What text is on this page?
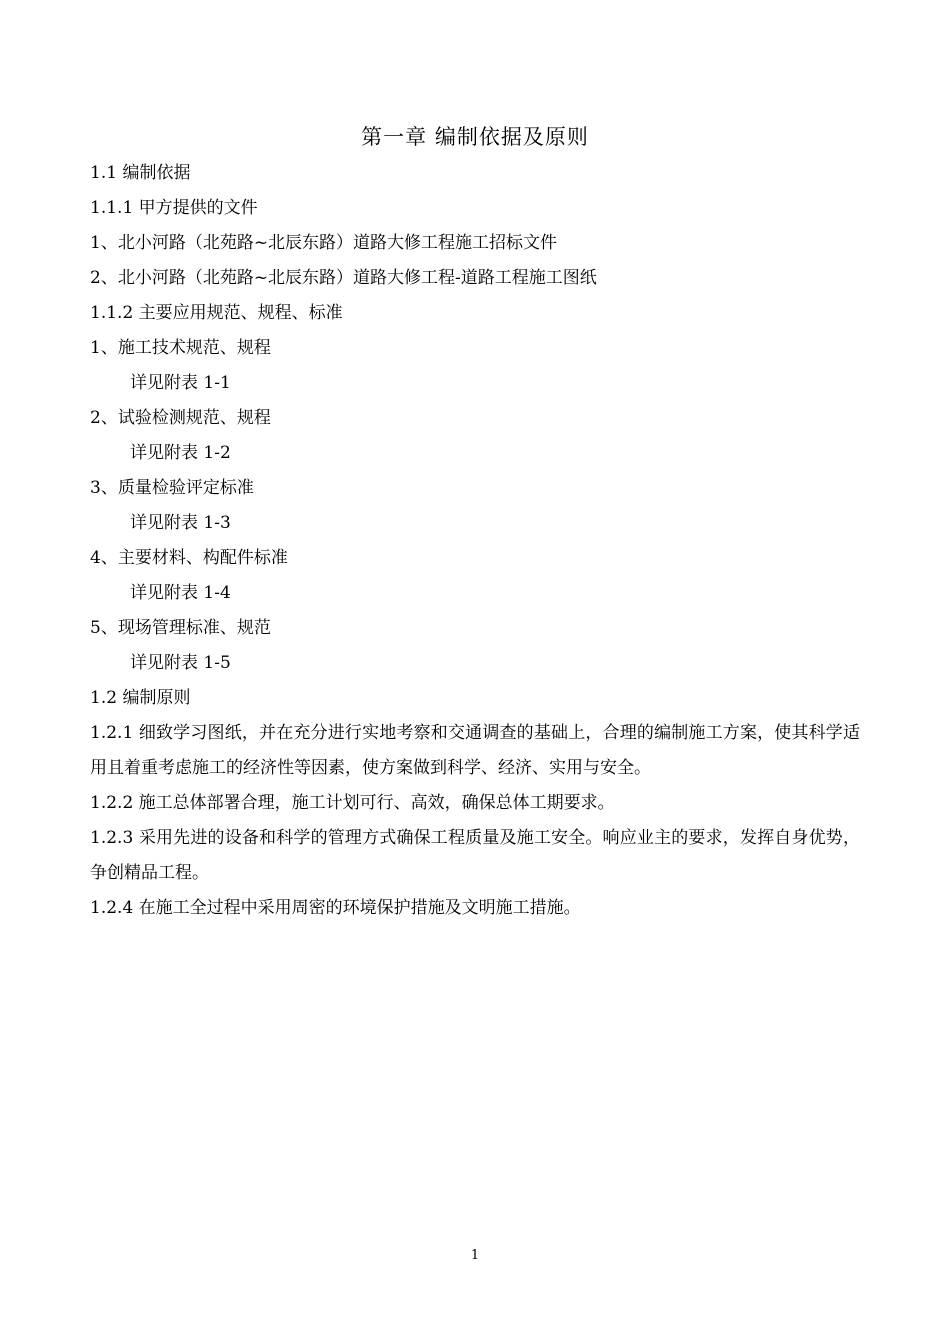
第一章 编制依据及原则

1.1 编制依据

1.1.1 甲方提供的文件

1、北小河路（北苑路~北辰东路）道路大修工程施工招标文件

2、北小河路（北苑路~北辰东路）道路大修工程-道路工程施工图纸

1.1.2 主要应用规范、规程、标准

1、施工技术规范、规程

详见附表 1-1

2、试验检测规范、规程

详见附表 1-2

3、质量检验评定标准

详见附表 1-3

4、主要材料、构配件标准

详见附表 1-4

5、现场管理标准、规范

详见附表 1-5

1.2 编制原则

1.2.1 细致学习图纸，并在充分进行实地考察和交通调查的基础上，合理的编制施工方案，使其科学适用且着重考虑施工的经济性等因素，使方案做到科学、经济、实用与安全。

1.2.2 施工总体部署合理，施工计划可行、高效，确保总体工期要求。

1.2.3 采用先进的设备和科学的管理方式确保工程质量及施工安全。响应业主的要求，发挥自身优势，争创精品工程。

1.2.4 在施工全过程中采用周密的环境保护措施及文明施工措施。

1
